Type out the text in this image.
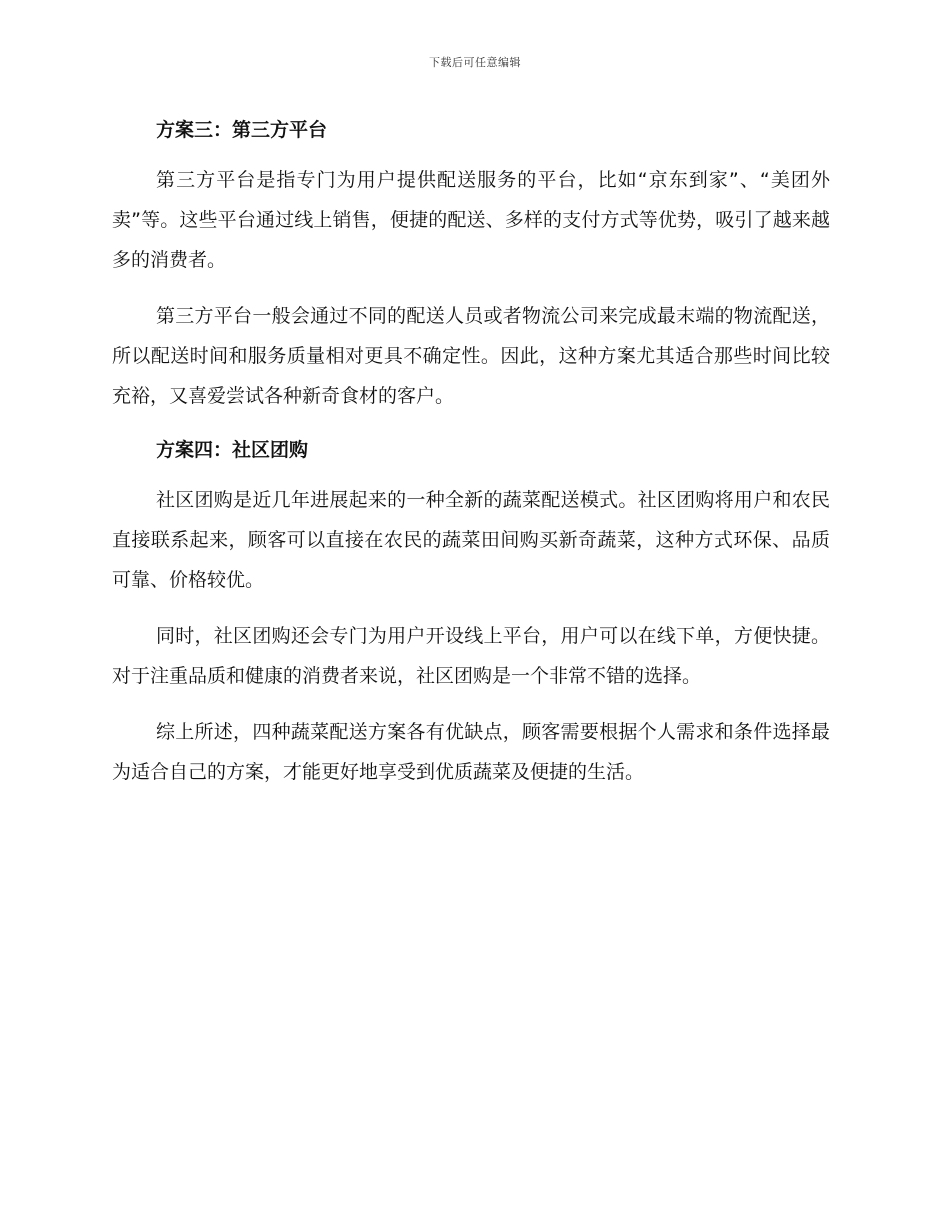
下载后可任意编辑
方案三：第三方平台

第三方平台是指专门为用户提供配送服务的平台，比如“京东到家”、“美团外卖”等。这些平台通过线上销售，便捷的配送、多样的支付方式等优势，吸引了越来越多的消费者。

第三方平台一般会通过不同的配送人员或者物流公司来完成最末端的物流配送，所以配送时间和服务质量相对更具不确定性。因此，这种方案尤其适合那些时间比较充裕，又喜爱尝试各种新奇食材的客户。

方案四：社区团购

社区团购是近几年进展起来的一种全新的蔬菜配送模式。社区团购将用户和农民直接联系起来，顾客可以直接在农民的蔬菜田间购买新奇蔬菜，这种方式环保、品质可靠、价格较优。

同时，社区团购还会专门为用户开设线上平台，用户可以在线下单，方便快捷。对于注重品质和健康的消费者来说，社区团购是一个非常不错的选择。

综上所述，四种蔬菜配送方案各有优缺点，顾客需要根据个人需求和条件选择最为适合自己的方案，才能更好地享受到优质蔬菜及便捷的生活。
